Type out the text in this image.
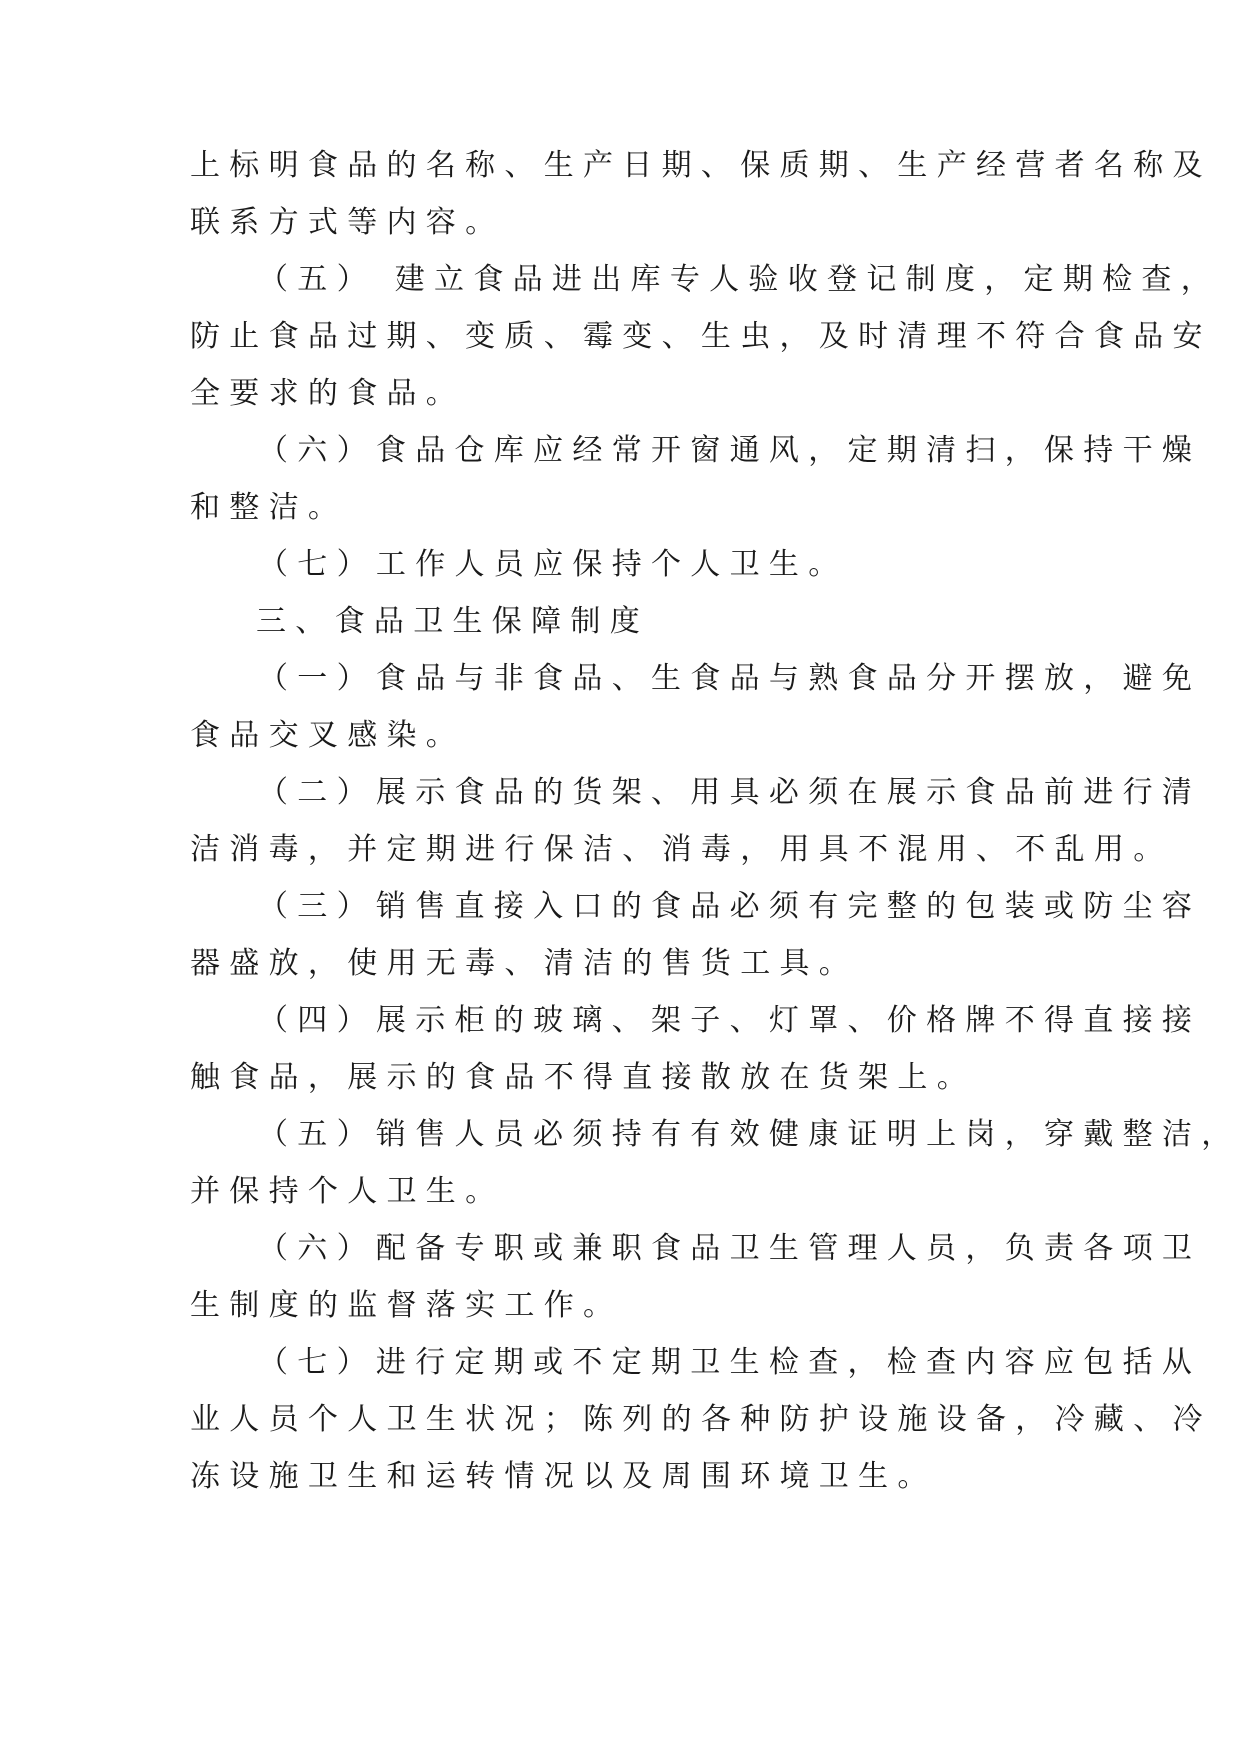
上标明食品的名称、生产日期、保质期、生产经营者名称及
联系方式等内容。
（五） 建立食品进出库专人验收登记制度，定期检查，
防止食品过期、变质、霉变、生虫，及时清理不符合食品安
全要求的食品。
（六）食品仓库应经常开窗通风，定期清扫，保持干燥
和整洁。
（七）工作人员应保持个人卫生。
三、食品卫生保障制度
（一）食品与非食品、生食品与熟食品分开摆放，避免
食品交叉感染。
（二）展示食品的货架、用具必须在展示食品前进行清
洁消毒，并定期进行保洁、消毒，用具不混用、不乱用。
（三）销售直接入口的食品必须有完整的包装或防尘容
器盛放，使用无毒、清洁的售货工具。
（四）展示柜的玻璃、架子、灯罩、价格牌不得直接接
触食品，展示的食品不得直接散放在货架上。
（五）销售人员必须持有有效健康证明上岗，穿戴整洁，
并保持个人卫生。
（六）配备专职或兼职食品卫生管理人员，负责各项卫
生制度的监督落实工作。
（七）进行定期或不定期卫生检查，检查内容应包括从
业人员个人卫生状况；陈列的各种防护设施设备，冷藏、冷
冻设施卫生和运转情况以及周围环境卫生。
